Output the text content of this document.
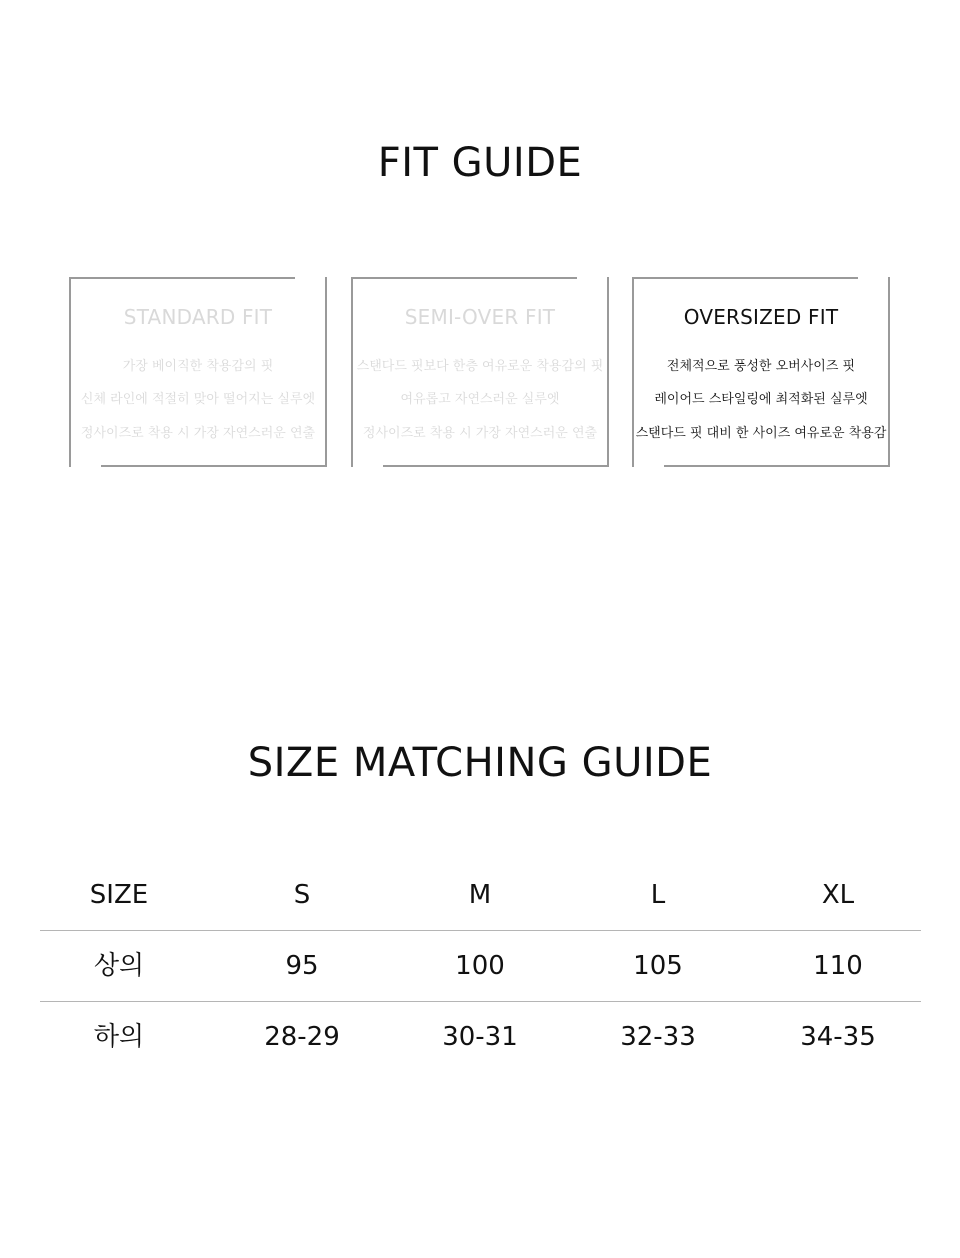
FIT GUIDE
STANDARD FIT
가장 베이직한 착용감의 핏
신체 라인에 적절히 맞아 떨어지는 실루엣
정사이즈로 착용 시 가장 자연스러운 연출
SEMI-OVER FIT
스탠다드 핏보다 한층 여유로운 착용감의 핏
여유롭고 자연스러운 실루엣
정사이즈로 착용 시 가장 자연스러운 연출
OVERSIZED FIT
전체적으로 풍성한 오버사이즈 핏
레이어드 스타일링에 최적화된 실루엣
스탠다드 핏 대비 한 사이즈 여유로운 착용감
SIZE MATCHING GUIDE
SIZE	S	M	L	XL
상의	95	100	105	110
하의	28-29	30-31	32-33	34-35
